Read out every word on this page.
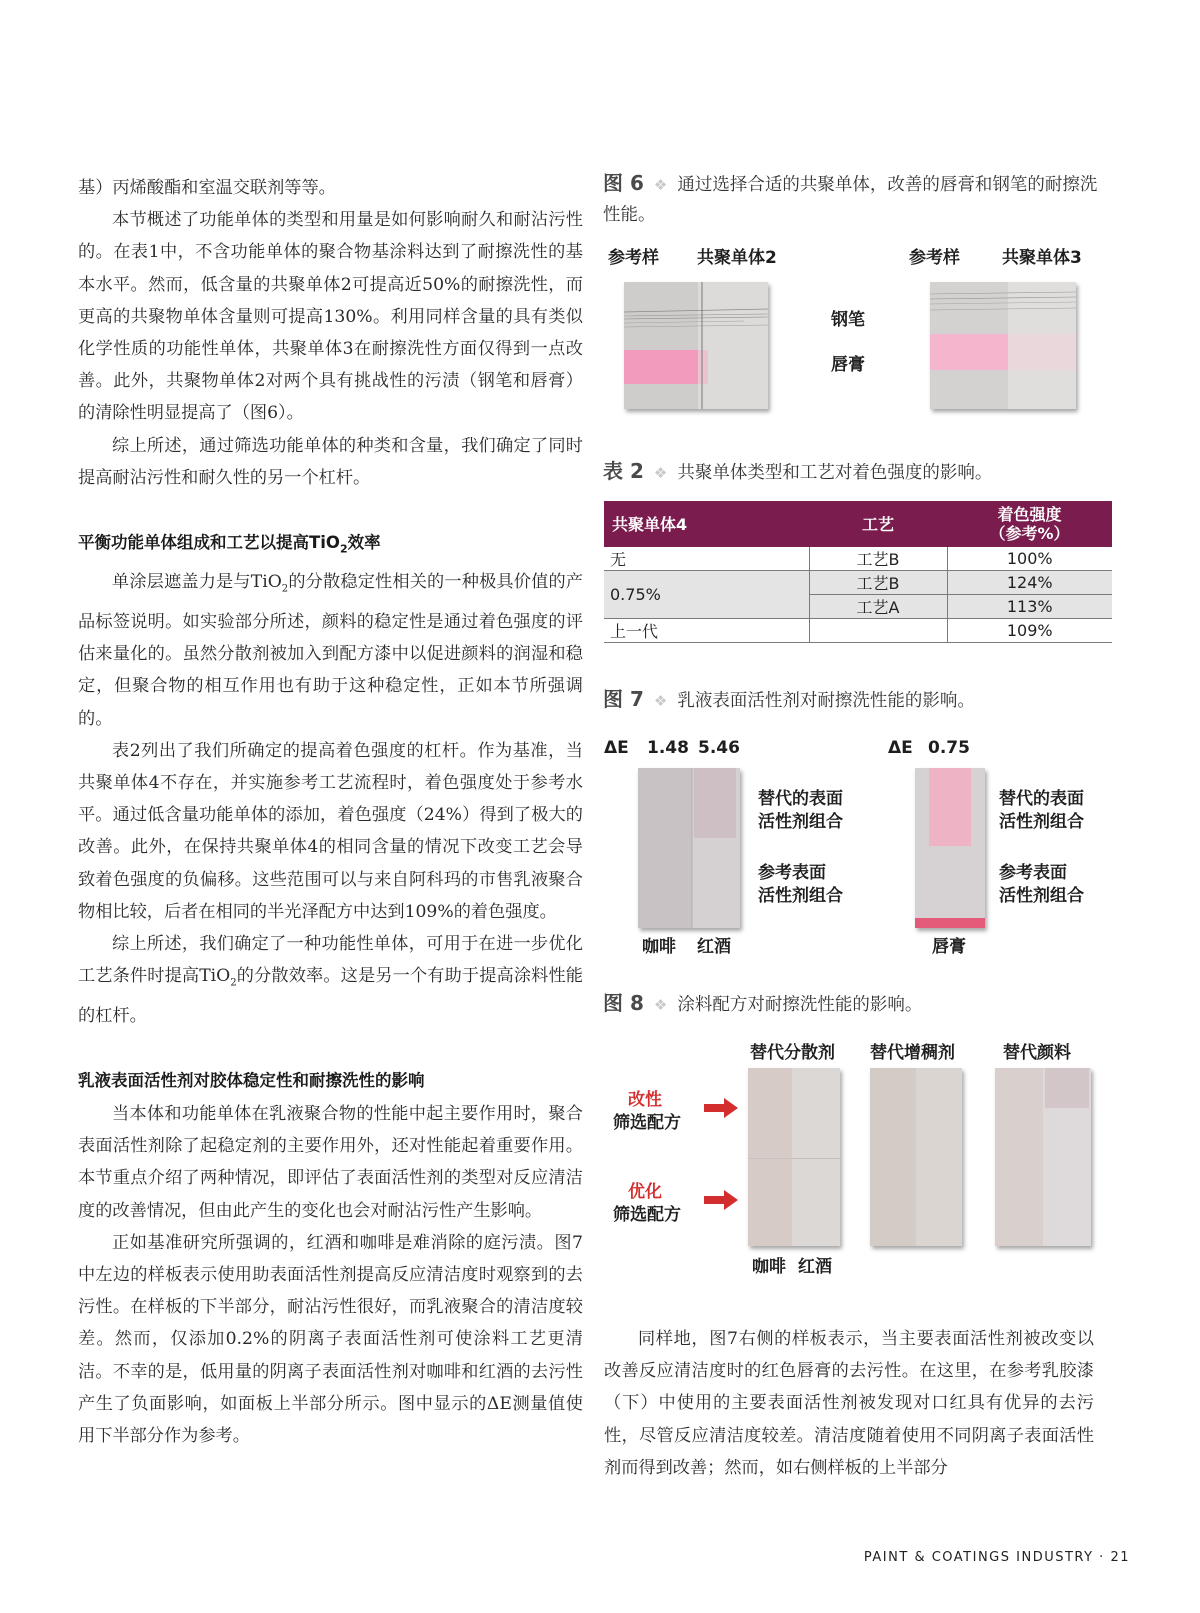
基）丙烯酸酯和室温交联剂等等。

本节概述了功能单体的类型和用量是如何影响耐久和耐沾污性的。在表1中，不含功能单体的聚合物基涂料达到了耐擦洗性的基本水平。然而，低含量的共聚单体2可提高近50%的耐擦洗性，而更高的共聚物单体含量则可提高130%。利用同样含量的具有类似化学性质的功能性单体，共聚单体3在耐擦洗性方面仅得到一点改善。此外，共聚物单体2对两个具有挑战性的污渍（钢笔和唇膏）的清除性明显提高了（图6）。

综上所述，通过筛选功能单体的种类和含量，我们确定了同时提高耐沾污性和耐久性的另一个杠杆。

平衡功能单体组成和工艺以提高TiO$_2$效率

单涂层遮盖力是与TiO$_2$的分散稳定性相关的一种极具价值的产品标签说明。如实验部分所述，颜料的稳定性是通过着色强度的评估来量化的。虽然分散剂被加入到配方漆中以促进颜料的润湿和稳定，但聚合物的相互作用也有助于这种稳定性，正如本节所强调的。

表2列出了我们所确定的提高着色强度的杠杆。作为基准，当共聚单体4不存在，并实施参考工艺流程时，着色强度处于参考水平。通过低含量功能单体的添加，着色强度（24%）得到了极大的改善。此外，在保持共聚单体4的相同含量的情况下改变工艺会导致着色强度的负偏移。这些范围可以与来自阿科玛的市售乳液聚合物相比较，后者在相同的半光泽配方中达到109%的着色强度。

综上所述，我们确定了一种功能性单体，可用于在进一步优化工艺条件时提高TiO$_2$的分散效率。这是另一个有助于提高涂料性能的杠杆。

乳液表面活性剂对胶体稳定性和耐擦洗性的影响

当本体和功能单体在乳液聚合物的性能中起主要作用时，聚合表面活性剂除了起稳定剂的主要作用外，还对性能起着重要作用。本节重点介绍了两种情况，即评估了表面活性剂的类型对反应清洁度的改善情况，但由此产生的变化也会对耐沾污性产生影响。

正如基准研究所强调的，红酒和咖啡是难消除的庭污渍。图7中左边的样板表示使用助表面活性剂提高反应清洁度时观察到的去污性。在样板的下半部分，耐沾污性很好，而乳液聚合的清洁度较差。然而，仅添加0.2%的阴离子表面活性剂可使涂料工艺更清洁。不幸的是，低用量的阴离子表面活性剂对咖啡和红酒的去污性产生了负面影响，如面板上半部分所示。图中显示的ΔE测量值使用下半部分作为参考。

图 6 ❖ 通过选择合适的共聚单体，改善的唇膏和钢笔的耐擦洗性能。

参考样 共聚单体2	参考样 共聚单体3
钢笔
唇膏

表 2 ❖ 共聚单体类型和工艺对着色强度的影响。

共聚单体4	工艺	着色强度
（参考%）
无	工艺B	100%
0.75%	工艺B	124%
	工艺A	113%
上一代		109%

图 7 ❖ 乳液表面活性剂对耐擦洗性能的影响。

ΔE 1.48 5.46	ΔE 0.75
替代的表面
活性剂组合
参考表面
活性剂组合
替代的表面
活性剂组合
参考表面
活性剂组合
咖啡 红酒	唇膏

图 8 ❖ 涂料配方对耐擦洗性能的影响。

替代分散剂 替代增稠剂	替代颜料
改性
筛选配方
优化
筛选配方
咖啡 红酒

同样地，图7右侧的样板表示，当主要表面活性剂被改变以改善反应清洁度时的红色唇膏的去污性。在这里，在参考乳胶漆（下）中使用的主要表面活性剂被发现对口红具有优异的去污性，尽管反应清洁度较差。清洁度随着使用不同阴离子表面活性剂而得到改善；然而，如右侧样板的上半部分

PAINT & COATINGS INDUSTRY · 21
